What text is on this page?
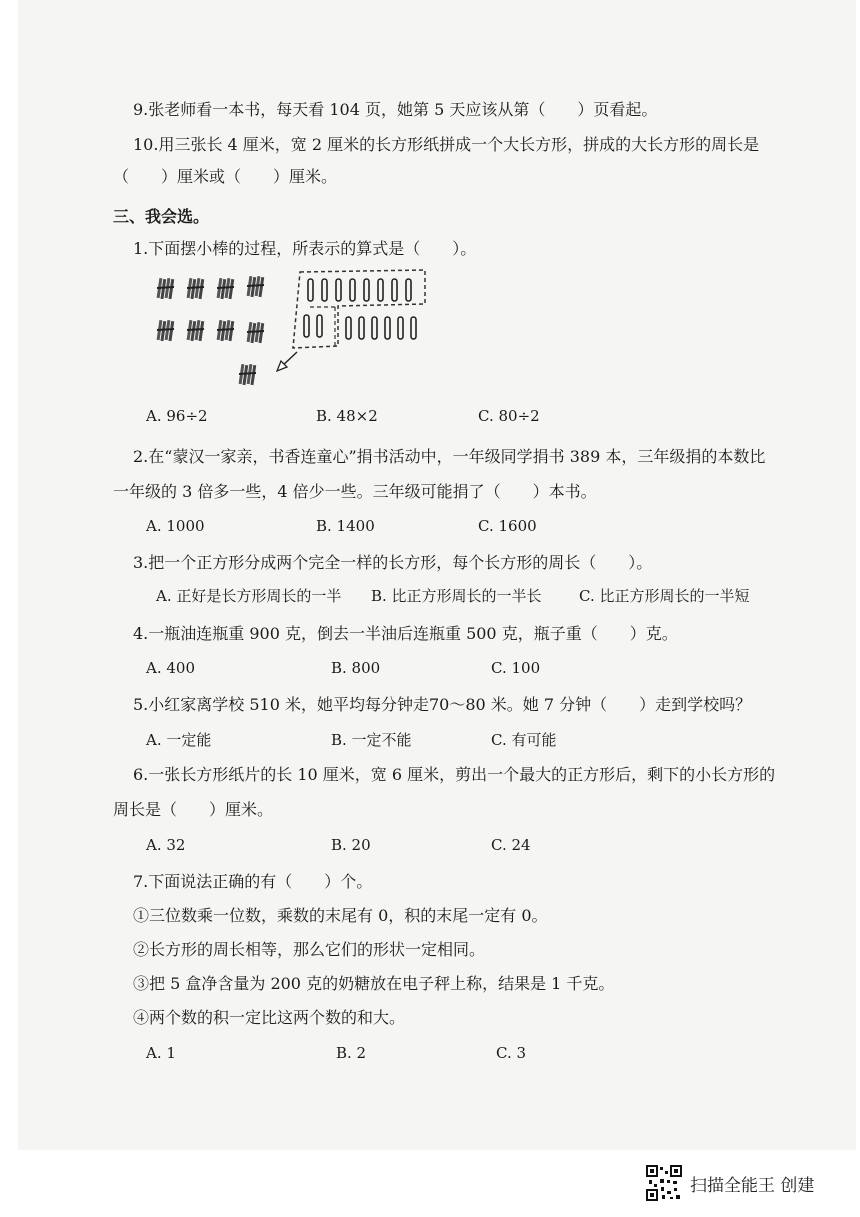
9.张老师看一本书，每天看 104 页，她第 5 天应该从第（　　）页看起。
10.用三张长 4 厘米，宽 2 厘米的长方形纸拼成一个大长方形，拼成的大长方形的周长是
（　　）厘米或（　　）厘米。
三、我会选。
1.下面摆小棒的过程，所表示的算式是（　　）。
A. 96÷2	B. 48×2	C. 80÷2
2.在“蒙汉一家亲，书香连童心”捐书活动中，一年级同学捐书 389 本，三年级捐的本数比
一年级的 3 倍多一些，4 倍少一些。三年级可能捐了（　　）本书。
A. 1000	B. 1400	C. 1600
3.把一个正方形分成两个完全一样的长方形，每个长方形的周长（　　）。
A. 正好是长方形周长的一半 B. 比正方形周长的一半长 C. 比正方形周长的一半短
4.一瓶油连瓶重 900 克，倒去一半油后连瓶重 500 克，瓶子重（　　）克。
A. 400	B. 800	C. 100
5.小红家离学校 510 米，她平均每分钟走70～80 米。她 7 分钟（　　）走到学校吗？
A. 一定能	B. 一定不能	C. 有可能
6.一张长方形纸片的长 10 厘米，宽 6 厘米，剪出一个最大的正方形后，剩下的小长方形的
周长是（　　）厘米。
A. 32	B. 20	C. 24
7.下面说法正确的有（　　）个。
①三位数乘一位数，乘数的末尾有 0，积的末尾一定有 0。
②长方形的周长相等，那么它们的形状一定相同。
③把 5 盒净含量为 200 克的奶糖放在电子秤上称，结果是 1 千克。
④两个数的积一定比这两个数的和大。
A. 1	B. 2	C. 3
扫描全能王 创建
